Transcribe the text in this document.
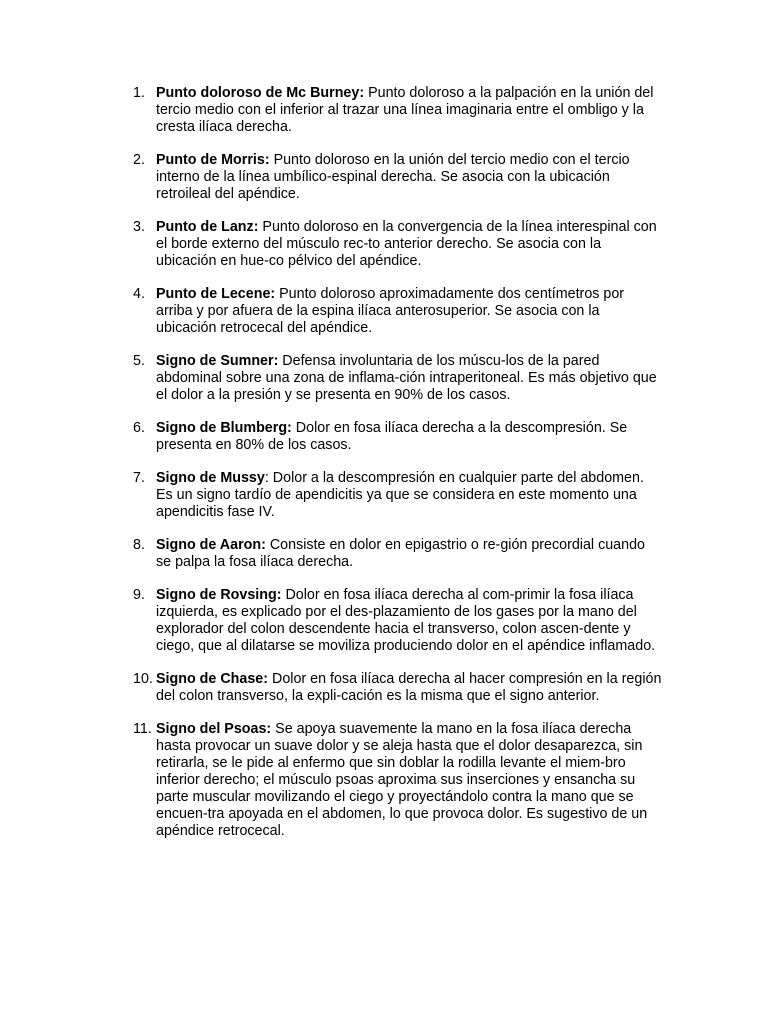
1. Punto doloroso de Mc Burney: Punto doloroso a la palpación en la unión del tercio medio con el inferior al trazar una línea imaginaria entre el ombligo y la cresta ilíaca derecha.
2. Punto de Morris: Punto doloroso en la unión del tercio medio con el tercio interno de la línea umbílico-espinal derecha. Se asocia con la ubicación retroileal del apéndice.
3. Punto de Lanz: Punto doloroso en la convergencia de la línea interespinal con el borde externo del músculo rec-to anterior derecho. Se asocia con la ubicación en hue-co pélvico del apéndice.
4. Punto de Lecene: Punto doloroso aproximadamente dos centímetros por arriba y por afuera de la espina ilíaca anterosuperior. Se asocia con la ubicación retrocecal del apéndice.
5. Signo de Sumner: Defensa involuntaria de los múscu-los de la pared abdominal sobre una zona de inflama-ción intraperitoneal. Es más objetivo que el dolor a la presión y se presenta en 90% de los casos.
6. Signo de Blumberg: Dolor en fosa ilíaca derecha a la descompresión. Se presenta en 80% de los casos.
7. Signo de Mussy: Dolor a la descompresión en cualquier parte del abdomen. Es un signo tardío de apendicitis ya que se considera en este momento una apendicitis fase IV.
8. Signo de Aaron: Consiste en dolor en epigastrio o re-gión precordial cuando se palpa la fosa ilíaca derecha.
9. Signo de Rovsing: Dolor en fosa ilíaca derecha al com-primir la fosa ilíaca izquierda, es explicado por el des-plazamiento de los gases por la mano del explorador del colon descendente hacia el transverso, colon ascen-dente y ciego, que al dilatarse se moviliza produciendo dolor en el apéndice inflamado.
10. Signo de Chase: Dolor en fosa ilíaca derecha al hacer compresión en la región del colon transverso, la expli-cación es la misma que el signo anterior.
11. Signo del Psoas: Se apoya suavemente la mano en la fosa ilíaca derecha hasta provocar un suave dolor y se aleja hasta que el dolor desaparezca, sin retirarla, se le pide al enfermo que sin doblar la rodilla levante el miem-bro inferior derecho; el músculo psoas aproxima sus inserciones y ensancha su parte muscular movilizando el ciego y proyectándolo contra la mano que se encuen-tra apoyada en el abdomen, lo que provoca dolor. Es sugestivo de un apéndice retrocecal.
